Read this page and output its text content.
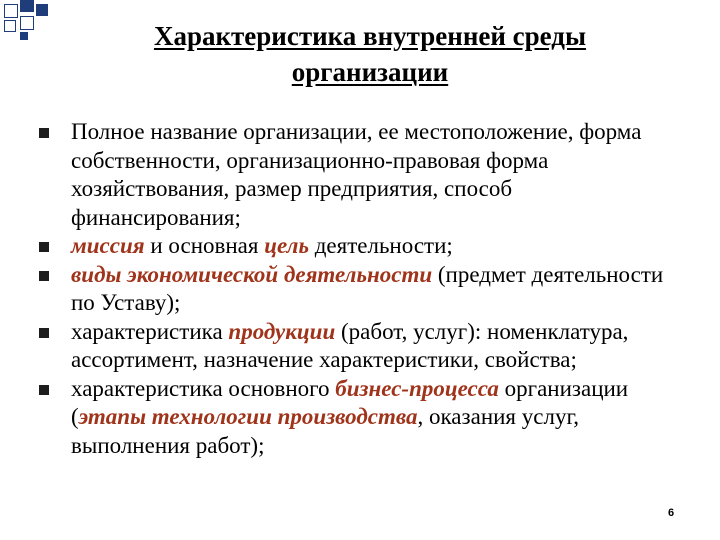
Характеристика внутренней среды
организации
Полное название организации, ее местоположение, форма собственности, организационно-правовая форма хозяйствования, размер предприятия, способ финансирования;
миссия и основная цель деятельности;
виды экономической деятельности (предмет деятельности по Уставу);
характеристика продукции (работ, услуг): номенклатура, ассортимент, назначение характеристики, свойства;
характеристика основного бизнес-процесса организации (этапы технологии производства, оказания услуг, выполнения работ);
6
